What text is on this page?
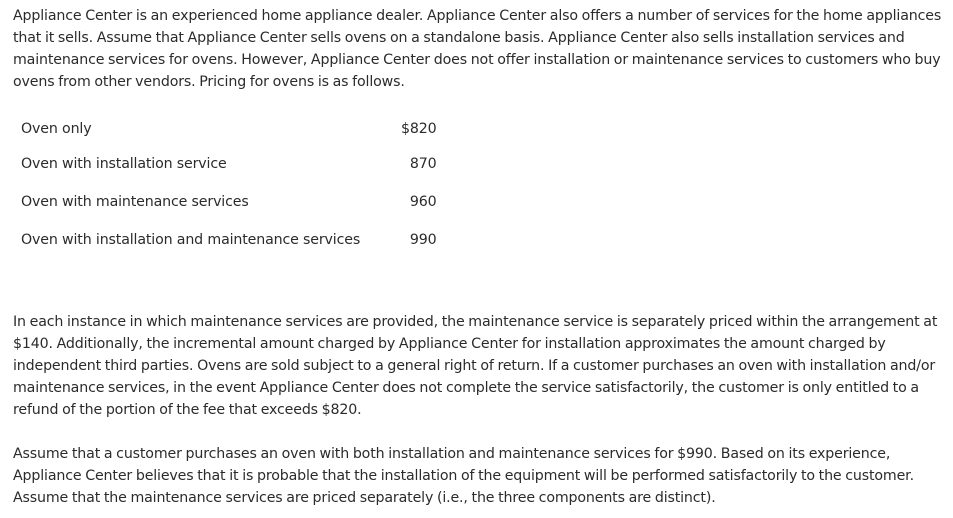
Appliance Center is an experienced home appliance dealer. Appliance Center also offers a number of services for the home appliances that it sells. Assume that Appliance Center sells ovens on a standalone basis. Appliance Center also sells installation services and maintenance services for ovens. However, Appliance Center does not offer installation or maintenance services to customers who buy ovens from other vendors. Pricing for ovens is as follows.

Oven only	$820
Oven with installation service	870
Oven with maintenance services	960
Oven with installation and maintenance services	990

In each instance in which maintenance services are provided, the maintenance service is separately priced within the arrangement at $140. Additionally, the incremental amount charged by Appliance Center for installation approximates the amount charged by independent third parties. Ovens are sold subject to a general right of return. If a customer purchases an oven with installation and/or maintenance services, in the event Appliance Center does not complete the service satisfactorily, the customer is only entitled to a refund of the portion of the fee that exceeds $820.

Assume that a customer purchases an oven with both installation and maintenance services for $990. Based on its experience, Appliance Center believes that it is probable that the installation of the equipment will be performed satisfactorily to the customer. Assume that the maintenance services are priced separately (i.e., the three components are distinct).
